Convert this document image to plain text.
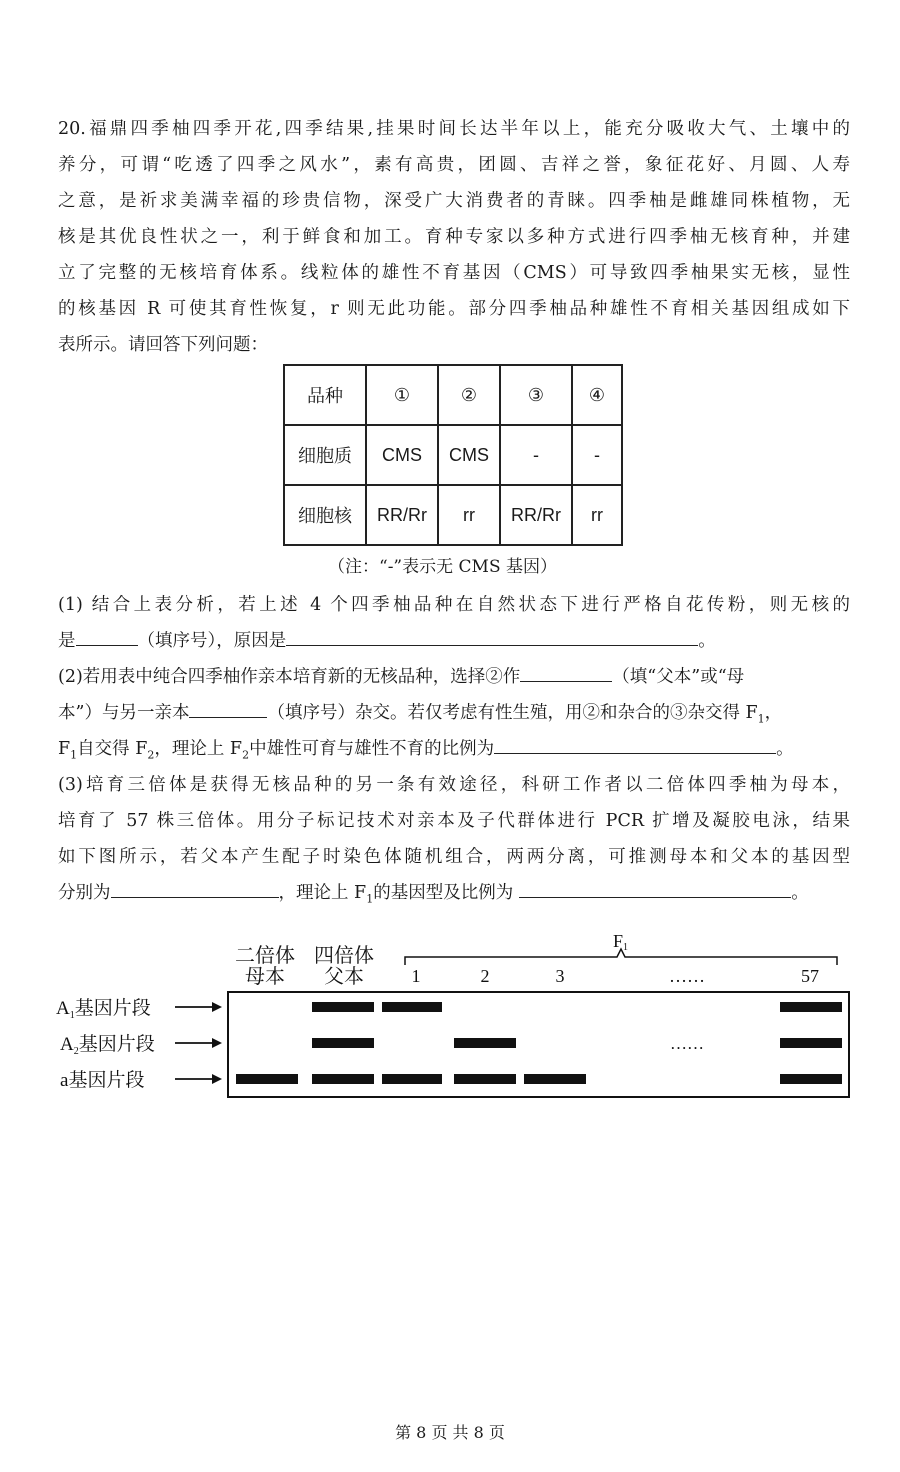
20.福鼎四季柚四季开花,四季结果,挂果时间长达半年以上，能充分吸收大气、土壤中的
养分，可谓“吃透了四季之风水”，素有高贵，团圆、吉祥之誉，象征花好、月圆、人寿
之意，是祈求美满幸福的珍贵信物，深受广大消费者的青睐。四季柚是雌雄同株植物，无
核是其优良性状之一，利于鲜食和加工。育种专家以多种方式进行四季柚无核育种，并建
立了完整的无核培育体系。线粒体的雄性不育基因（CMS）可导致四季柚果实无核，显性
的核基因 R 可使其育性恢复，r 则无此功能。部分四季柚品种雄性不育相关基因组成如下
表所示。请回答下列问题：
品种	①	②	③	④
细胞质	CMS	CMS	-	-
细胞核	RR/Rr	rr	RR/Rr	rr
（注：“-”表示无 CMS 基因）
(1) 结合上表分析，若上述 4 个四季柚品种在自然状态下进行严格自花传粉，则无核的
是	（填序号），原因是	。
(2)若用表中纯合四季柚作亲本培育新的无核品种，选择②作	（填“父本”或“母
本”）与另一亲本	（填序号）杂交。若仅考虑有性生殖，用②和杂合的③杂交得 $F_1$，
$F_1$自交得 $F_2$，理论上 $F_2$中雄性可育与雄性不育的比例为	。
(3)培育三倍体是获得无核品种的另一条有效途径，科研工作者以二倍体四季柚为母本，
培育了 57 株三倍体。用分子标记技术对亲本及子代群体进行 PCR 扩增及凝胶电泳，结果
如下图所示，若父本产生配子时染色体随机组合，两两分离，可推测母本和父本的基因型
分别为	，理论上 $F_1$的基因型及比例为	。
二倍体
母本
四倍体
父本
F1
1	2	3	……	57
$A_1$基因片段
$A_2$基因片段
a基因片段
……
第 8 页 共 8 页
